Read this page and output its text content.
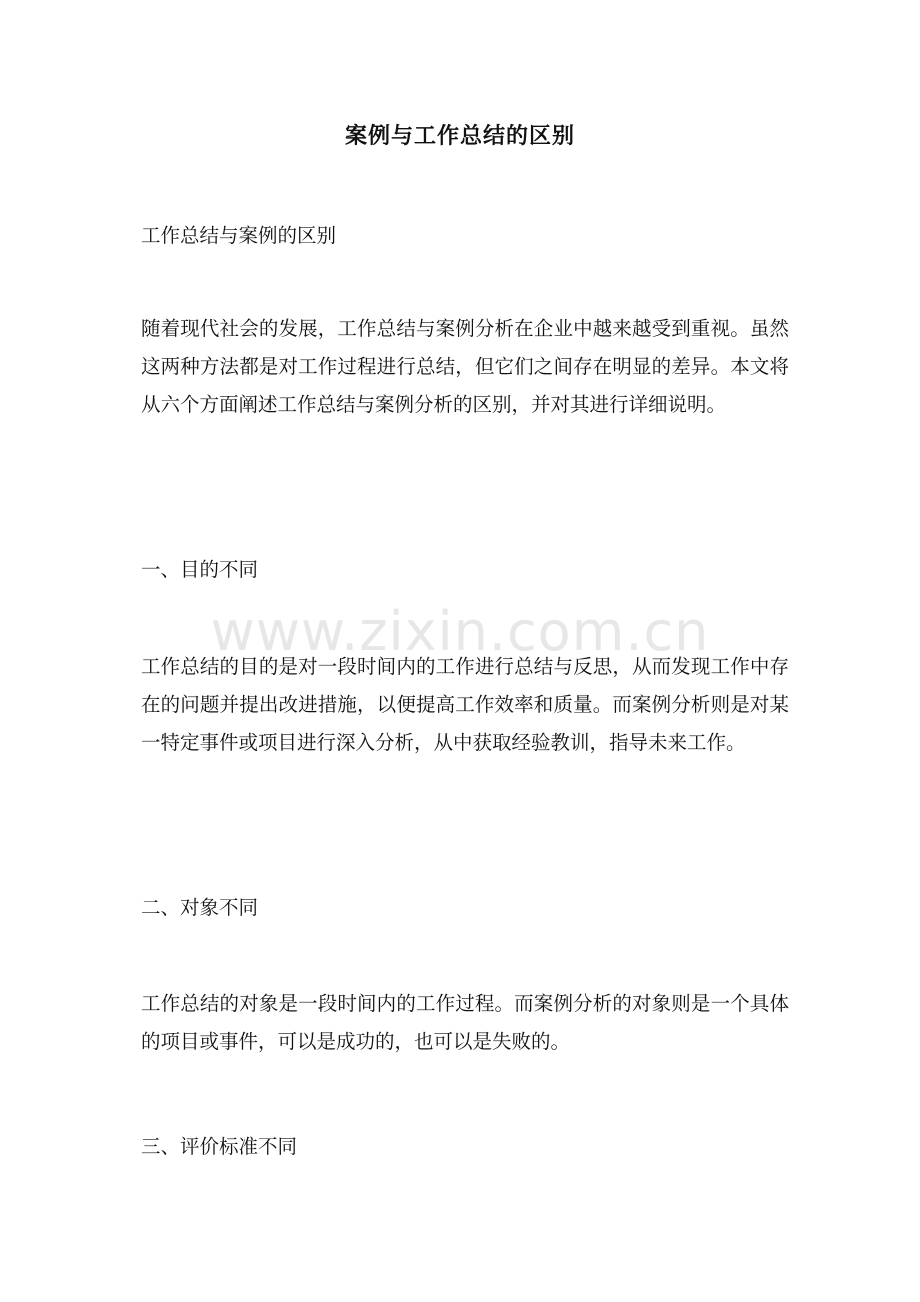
案例与工作总结的区别

工作总结与案例的区别

随着现代社会的发展，工作总结与案例分析在企业中越来越受到重视。虽然这两种方法都是对工作过程进行总结，但它们之间存在明显的差异。本文将从六个方面阐述工作总结与案例分析的区别，并对其进行详细说明。

一、目的不同

工作总结的目的是对一段时间内的工作进行总结与反思，从而发现工作中存在的问题并提出改进措施，以便提高工作效率和质量。而案例分析则是对某一特定事件或项目进行深入分析，从中获取经验教训，指导未来工作。

二、对象不同

工作总结的对象是一段时间内的工作过程。而案例分析的对象则是一个具体的项目或事件，可以是成功的，也可以是失败的。

三、评价标准不同

www.zixin.com.cn
